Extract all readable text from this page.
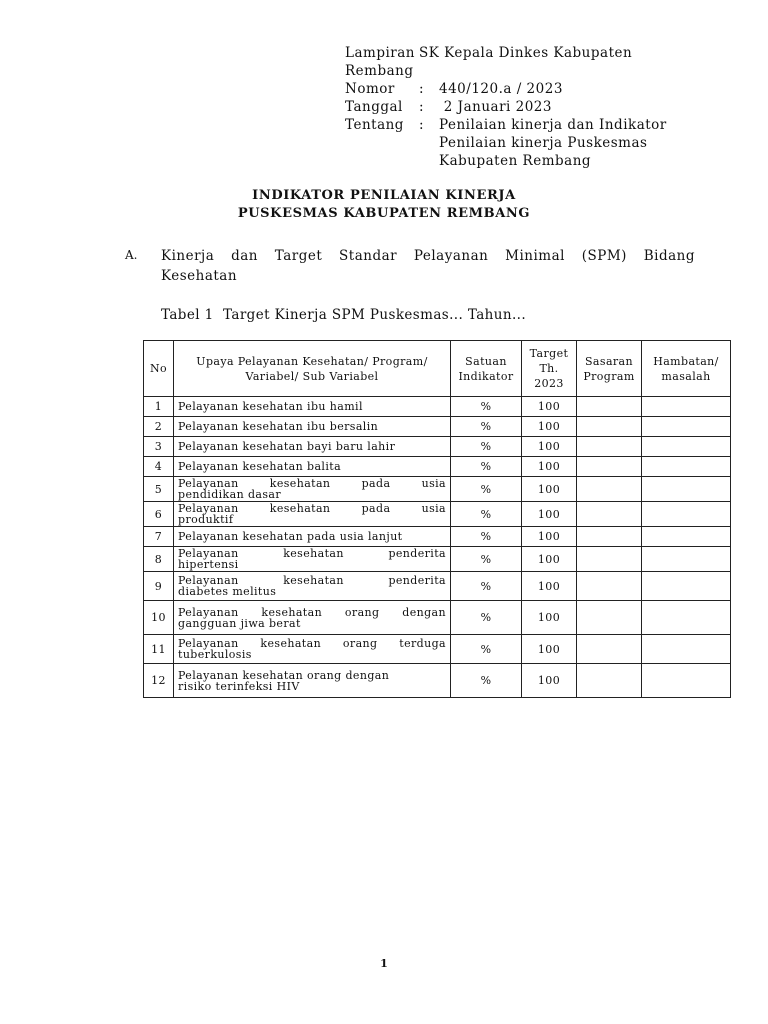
Lampiran SK Kepala Dinkes Kabupaten
Rembang
Nomor	:	440/120.a / 2023
Tanggal	:	2 Januari 2023
Tentang	:	Penilaian kinerja dan Indikator
Penilaian kinerja Puskesmas
Kabupaten Rembang
INDIKATOR PENILAIAN KINERJA
PUSKESMAS KABUPATEN REMBANG
A. Kinerja dan Target Standar Pelayanan Minimal (SPM) Bidang
Kesehatan
Tabel 1  Target Kinerja SPM Puskesmas... Tahun...
No	Upaya Pelayanan Kesehatan/ Program/ Variabel/ Sub Variabel	Satuan Indikator	Target Th. 2023	Sasaran Program	Hambatan/ masalah
1	Pelayanan kesehatan ibu hamil	%	100		
2	Pelayanan kesehatan ibu bersalin	%	100		
3	Pelayanan kesehatan bayi baru lahir	%	100		
4	Pelayanan kesehatan balita	%	100		
5	Pelayanan kesehatan pada usia
pendidikan dasar	%	100		
6	Pelayanan kesehatan pada usia
produktif	%	100		
7	Pelayanan kesehatan pada usia lanjut	%	100		
8	Pelayanan kesehatan penderita
hipertensi	%	100		
9	Pelayanan kesehatan penderita
diabetes melitus	%	100		
10	Pelayanan kesehatan orang dengan
gangguan jiwa berat	%	100		
11	Pelayanan kesehatan orang terduga
tuberkulosis	%	100		
12	Pelayanan kesehatan orang dengan
risiko terinfeksi HIV	%	100		
1
